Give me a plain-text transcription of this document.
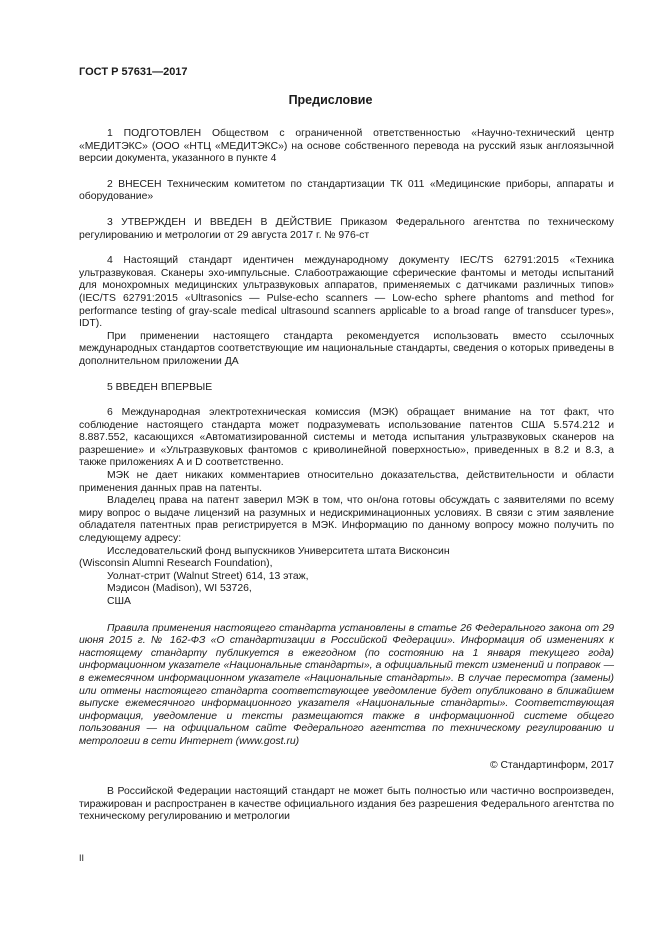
ГОСТ Р 57631—2017
Предисловие

1 ПОДГОТОВЛЕН Обществом с ограниченной ответственностью «Научно-технический центр «МЕДИТЭКС» (ООО «НТЦ «МЕДИТЭКС») на основе собственного перевода на русский язык англоязычной версии документа, указанного в пункте 4

2 ВНЕСЕН Техническим комитетом по стандартизации ТК 011 «Медицинские приборы, аппараты и оборудование»

3 УТВЕРЖДЕН И ВВЕДЕН В ДЕЙСТВИЕ Приказом Федерального агентства по техническому регулированию и метрологии от 29 августа 2017 г. № 976-ст

4 Настоящий стандарт идентичен международному документу IEC/TS 62791:2015 «Техника ультразвуковая. Сканеры эхо-импульсные. Слабоотражающие сферические фантомы и методы испытаний для монохромных медицинских ультразвуковых аппаратов, применяемых с датчиками различных типов» (IEC/TS 62791:2015 «Ultrasonics — Pulse-echo scanners — Low-echo sphere phantoms and method for performance testing of gray-scale medical ultrasound scanners applicable to a broad range of transducer types», IDT).

При применении настоящего стандарта рекомендуется использовать вместо ссылочных международных стандартов соответствующие им национальные стандарты, сведения о которых приведены в дополнительном приложении ДА

5 ВВЕДЕН ВПЕРВЫЕ

6 Международная электротехническая комиссия (МЭК) обращает внимание на тот факт, что соблюдение настоящего стандарта может подразумевать использование патентов США 5.574.212 и 8.887.552, касающихся «Автоматизированной системы и метода испытания ультразвуковых сканеров на разрешение» и «Ультразвуковых фантомов с криволинейной поверхностью», приведенных в 8.2 и 8.3, а также приложениях А и D соответственно.

МЭК не дает никаких комментариев относительно доказательства, действительности и области применения данных прав на патенты.

Владелец права на патент заверил МЭК в том, что он/она готовы обсуждать с заявителями по всему миру вопрос о выдаче лицензий на разумных и недискриминационных условиях. В связи с этим заявление обладателя патентных прав регистрируется в МЭК. Информацию по данному вопросу можно получить по следующему адресу:

Исследовательский фонд выпускников Университета штата Висконсин
(Wisconsin Alumni Research Foundation),
Уолнат-стрит (Walnut Street) 614, 13 этаж,
Мэдисон (Madison), WI 53726,
США

Правила применения настоящего стандарта установлены в статье 26 Федерального закона от 29 июня 2015 г. № 162-ФЗ «О стандартизации в Российской Федерации». Информация об изменениях к настоящему стандарту публикуется в ежегодном (по состоянию на 1 января текущего года) информационном указателе «Национальные стандарты», а официальный текст изменений и поправок — в ежемесячном информационном указателе «Национальные стандарты». В случае пересмотра (замены) или отмены настоящего стандарта соответствующее уведомление будет опубликовано в ближайшем выпуске ежемесячного информационного указателя «Национальные стандарты». Соответствующая информация, уведомление и тексты размещаются также в информационной системе общего пользования — на официальном сайте Федерального агентства по техническому регулированию и метрологии в сети Интернет (www.gost.ru)

© Стандартинформ, 2017

В Российской Федерации настоящий стандарт не может быть полностью или частично воспроизведен, тиражирован и распространен в качестве официального издания без разрешения Федерального агентства по техническому регулированию и метрологии

II
